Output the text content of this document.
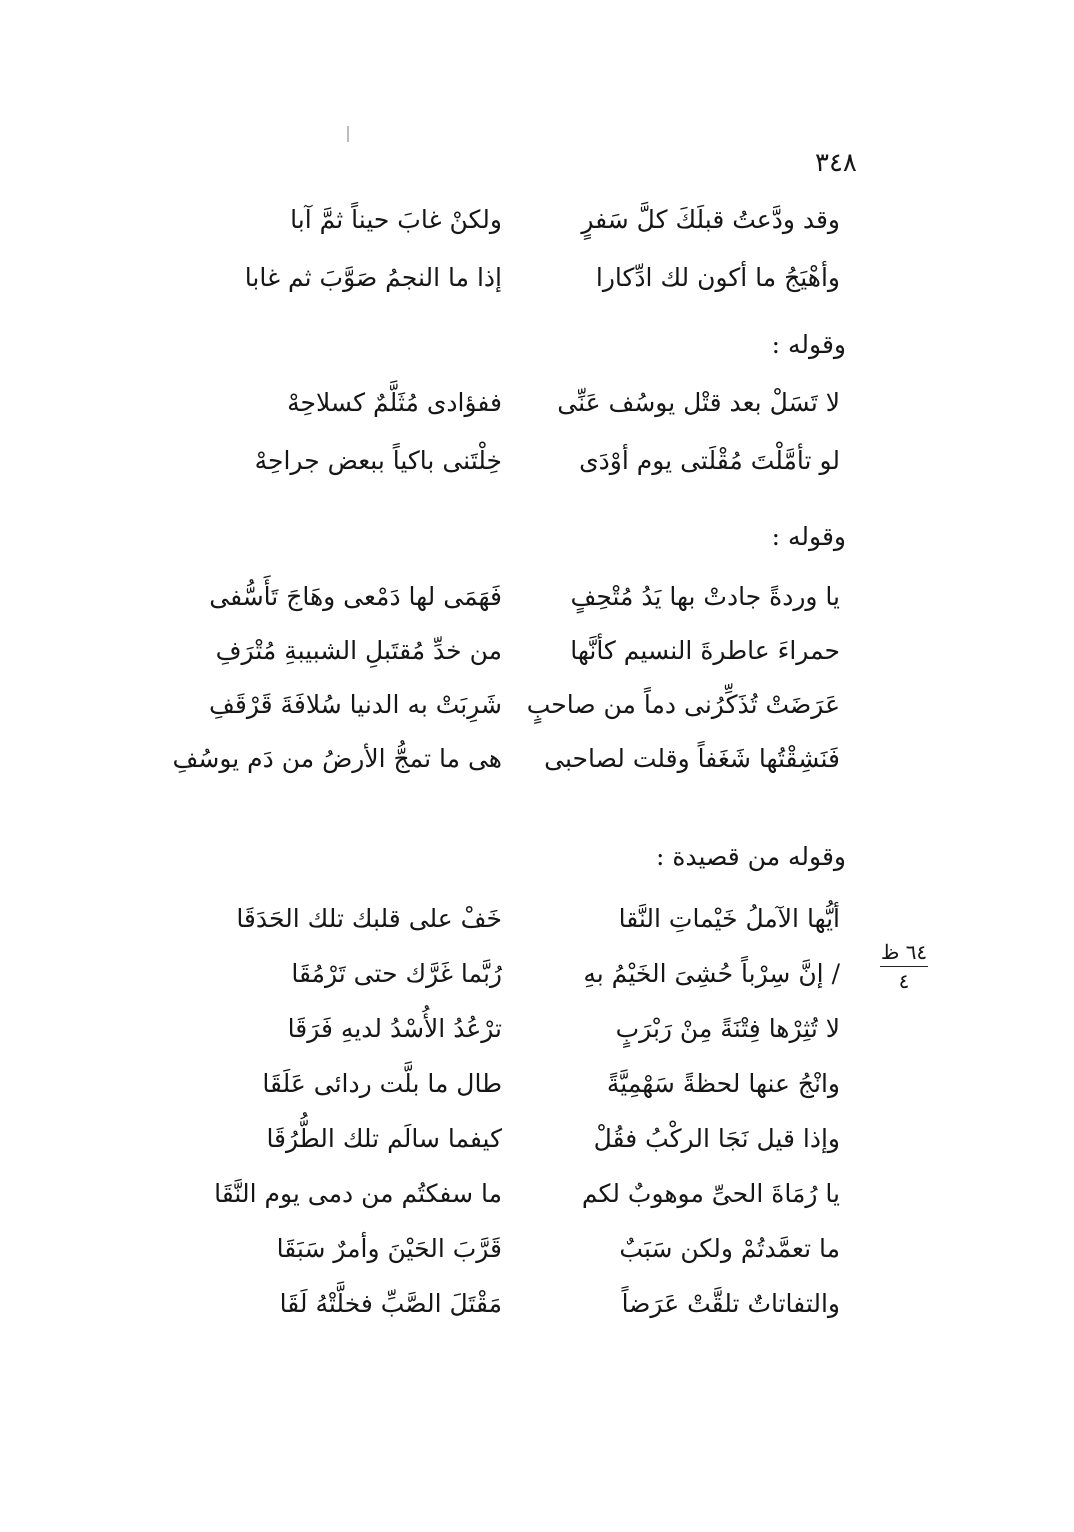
٣٤٨
وقد ودَّعتُ قبلَكَ كلَّ سَفرٍ
ولكنْ غابَ حيناً ثمَّ آبا
وأهْيَجُ ما أكون لك ادِّكارا
إذا ما النجمُ صَوَّبَ ثم غابا
وقوله :
لا تَسَلْ بعد قتْل يوسُف عَنِّى
ففؤادى مُثَلَّمٌ كسلاحِهْ
لو تأمَّلْتَ مُقْلَتى يوم أوْدَى
خِلْتَنى باكياً ببعض جراحِهْ
وقوله :
يا وردةً جادتْ بها يَدُ مُتْحِفٍ
فَهَمَى لها دَمْعى وهَاجَ تَأَسُّفى
حمراءَ عاطرةَ النسيم كأنَّها
من خدِّ مُقتَبلِ الشبيبةِ مُتْرَفِ
عَرَضَتْ تُذَكِّرُنى دماً من صاحبٍ
شَرِبَتْ به الدنيا سُلافَةَ قَرْقَفِ
فَنَشِقْتُها شَغَفاً وقلت لصاحبى
هى ما تمجُّ الأرضُ من دَم يوسُفِ
وقوله من قصيدة :
أيُّها الآملُ خَيْماتِ النَّقا
خَفْ على قلبك تلك الحَدَقَا
/ إنَّ سِرْباً حُشِىَ الخَيْمُ بهِ
رُبَّما غَرَّك حتى تَرْمُقَا
لا تُثِرْها فِتْنَةً مِنْ رَبْرَبٍ
ترْعُدُ الأُسْدُ لديهِ فَرَقَا
وانْجُ عنها لحظةً سَهْمِيَّةً
طال ما بلَّت ردائى عَلَقَا
وإذا قيل نَجَا الركْبُ فقُلْ
كيفما سالَم تلك الطُّرُقَا
يا رُمَاةَ الحىِّ موهوبٌ لكم
ما سفكتُم من دمى يوم النَّقَا
ما تعمَّدتُمْ ولكن سَبَبٌ
قَرَّبَ الحَيْنَ وأمرٌ سَبَقَا
والتفاتاتٌ تلقَّتْ عَرَضاً
مَقْتَلَ الصَّبِّ فخلَّتْهُ لَقَا
٦٤ ظ
٤
